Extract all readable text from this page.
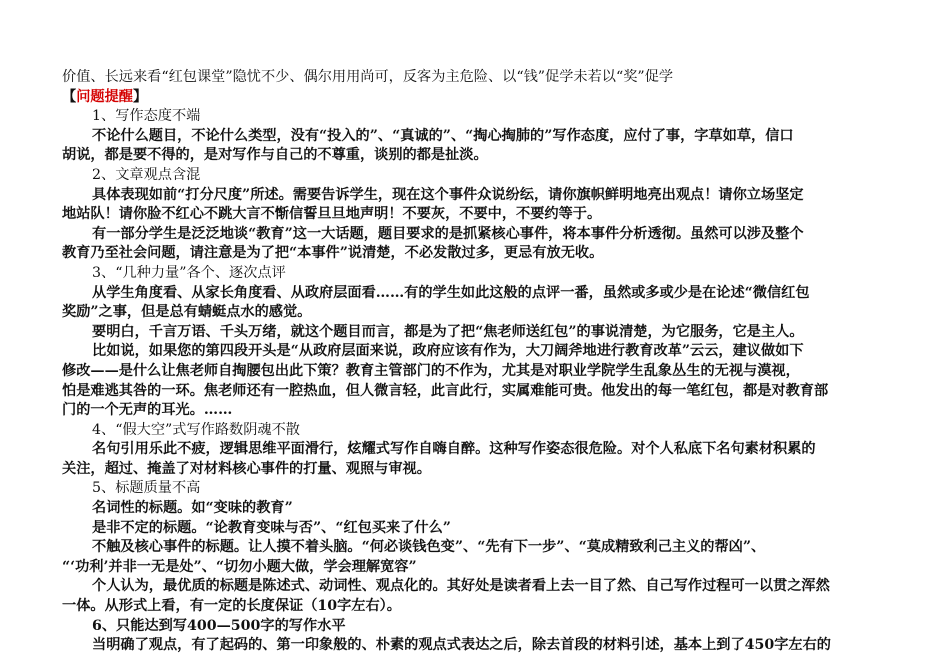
价值、长远来看“红包课堂”隐忧不少、偶尔用用尚可，反客为主危险、以“钱”促学未若以“奖”促学
【问题提醒】
1、写作态度不端
不论什么题目，不论什么类型，没有“投入的”、“真诚的”、“掏心掏肺的”写作态度，应付了事，字草如草，信口
胡说，都是要不得的，是对写作与自己的不尊重，谈别的都是扯淡。
2、文章观点含混
具体表现如前“打分尺度”所述。需要告诉学生，现在这个事件众说纷纭，请你旗帜鲜明地亮出观点！请你立场坚定
地站队！请你脸不红心不跳大言不惭信誓旦旦地声明！不要灰，不要中，不要约等于。
有一部分学生是泛泛地谈“教育”这一大话题，题目要求的是抓紧核心事件，将本事件分析透彻。虽然可以涉及整个
教育乃至社会问题，请注意是为了把“本事件”说清楚，不必发散过多，更忌有放无收。
3、“几种力量”各个、逐次点评
从学生角度看、从家长角度看、从政府层面看……有的学生如此这般的点评一番，虽然或多或少是在论述“微信红包
奖励”之事，但是总有蜻蜓点水的感觉。
要明白，千言万语、千头万绪，就这个题目而言，都是为了把“焦老师送红包”的事说清楚，为它服务，它是主人。
比如说，如果您的第四段开头是“从政府层面来说，政府应该有作为，大刀阔斧地进行教育改革”云云，建议做如下
修改——是什么让焦老师自掏腰包出此下策？教育主管部门的不作为，尤其是对职业学院学生乱象丛生的无视与漠视，
怕是难逃其咎的一环。焦老师还有一腔热血，但人微言轻，此言此行，实属难能可贵。他发出的每一笔红包，都是对教育部
门的一个无声的耳光。……
4、“假大空”式写作路数阴魂不散
名句引用乐此不疲，逻辑思维平面滑行，炫耀式写作自嗨自醉。这种写作姿态很危险。对个人私底下名句素材积累的
关注，超过、掩盖了对材料核心事件的打量、观照与审视。
5、标题质量不高
名词性的标题。如“变味的教育”
是非不定的标题。“论教育变味与否”、“红包买来了什么”
不触及核心事件的标题。让人摸不着头脑。“何必谈钱色变”、“先有下一步”、“莫成精致利己主义的帮凶”、
“‘功利’并非一无是处”、“切勿小题大做，学会理解宽容”
个人认为，最优质的标题是陈述式、动词性、观点化的。其好处是读者看上去一目了然、自己写作过程可一以贯之浑然
一体。从形式上看，有一定的长度保证（10字左右）。
6、只能达到写400—500字的写作水平
当明确了观点，有了起码的、第一印象般的、朴素的观点式表达之后，除去首段的材料引述，基本上到了450字左右的
